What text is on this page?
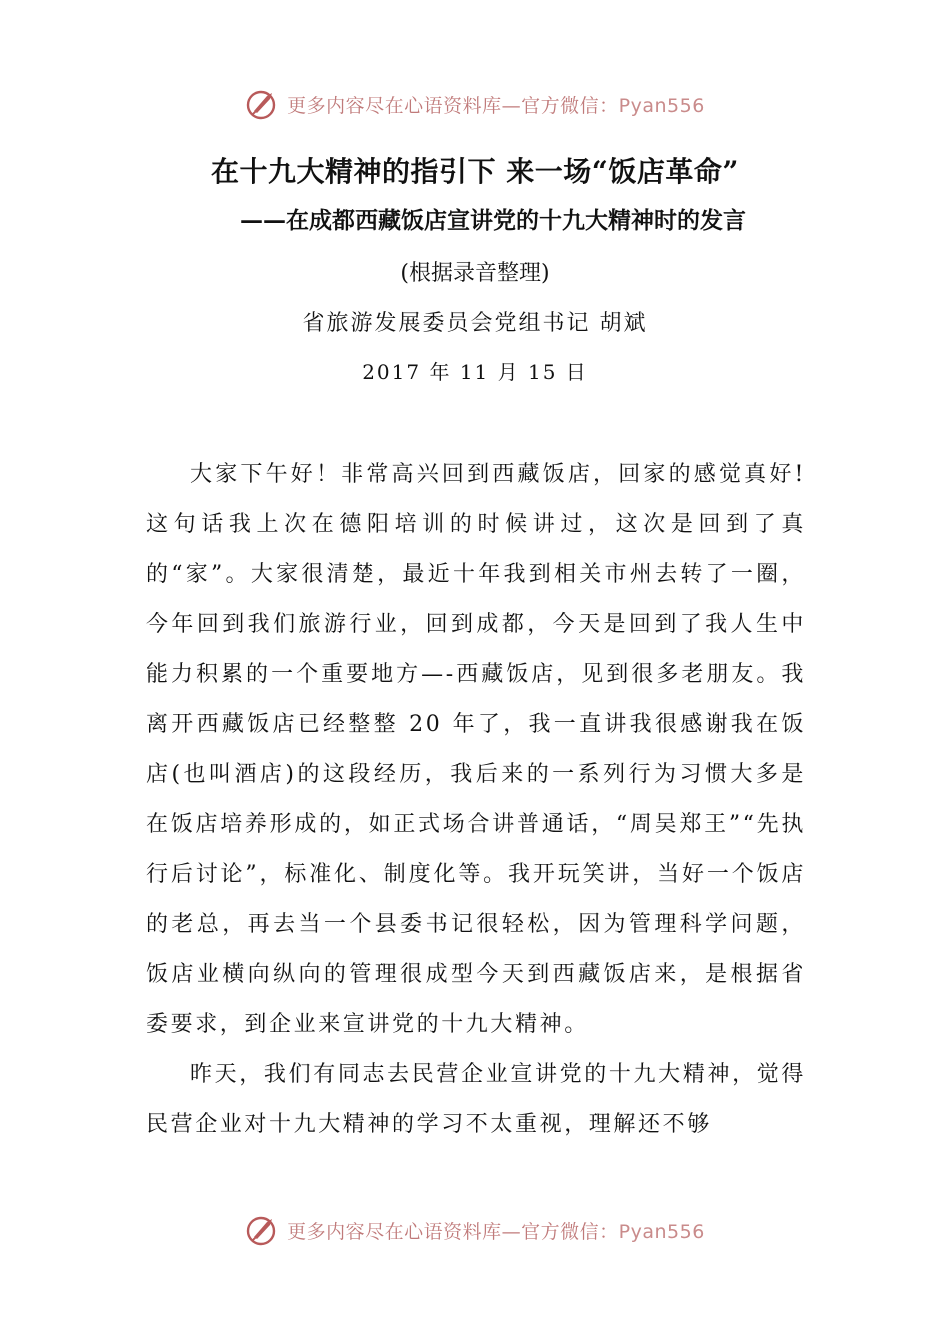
更多内容尽在心语资料库—官方微信：Pyan556
在十九大精神的指引下 来一场“饭店革命”
——在成都西藏饭店宣讲党的十九大精神时的发言
(根据录音整理)
省旅游发展委员会党组书记 胡斌
2017 年 11 月 15 日

大家下午好！非常高兴回到西藏饭店，回家的感觉真好!这句话我上次在德阳培训的时候讲过，这次是回到了真的“家”。大家很清楚，最近十年我到相关市州去转了一圈，今年回到我们旅游行业，回到成都，今天是回到了我人生中能力积累的一个重要地方—-西藏饭店，见到很多老朋友。我离开西藏饭店已经整整 20 年了，我一直讲我很感谢我在饭店(也叫酒店)的这段经历，我后来的一系列行为习惯大多是在饭店培养形成的，如正式场合讲普通话，“周吴郑王”“先执行后讨论”，标准化、制度化等。我开玩笑讲，当好一个饭店的老总，再去当一个县委书记很轻松，因为管理科学问题，饭店业横向纵向的管理很成型今天到西藏饭店来，是根据省委要求，到企业来宣讲党的十九大精神。

昨天，我们有同志去民营企业宣讲党的十九大精神，觉得民营企业对十九大精神的学习不太重视，理解还不够

更多内容尽在心语资料库—官方微信：Pyan556
